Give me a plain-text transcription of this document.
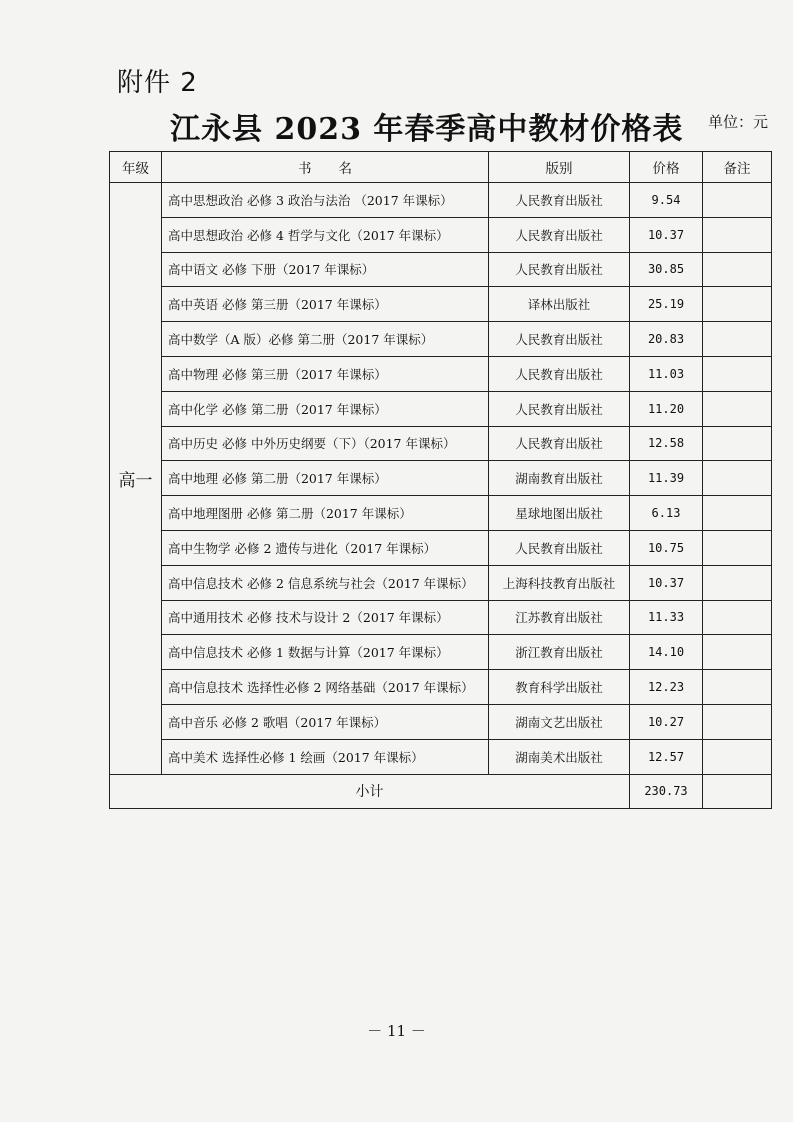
附件 2
江永县 2023 年春季高中教材价格表 单位：元
年级	书　　名	版别	价格	备注
高一	高中思想政治 必修 3 政治与法治 （2017 年课标）	人民教育出版社	9.54	
	高中思想政治 必修 4 哲学与文化（2017 年课标）	人民教育出版社	10.37	
	高中语文 必修 下册（2017 年课标）	人民教育出版社	30.85	
	高中英语 必修 第三册（2017 年课标）	译林出版社	25.19	
	高中数学（A 版）必修 第二册（2017 年课标）	人民教育出版社	20.83	
	高中物理 必修 第三册（2017 年课标）	人民教育出版社	11.03	
	高中化学 必修 第二册（2017 年课标）	人民教育出版社	11.20	
	高中历史 必修 中外历史纲要（下）（2017 年课标）	人民教育出版社	12.58	
	高中地理 必修 第二册（2017 年课标）	湖南教育出版社	11.39	
	高中地理图册 必修 第二册（2017 年课标）	星球地图出版社	6.13	
	高中生物学 必修 2 遗传与进化（2017 年课标）	人民教育出版社	10.75	
	高中信息技术 必修 2 信息系统与社会（2017 年课标）	上海科技教育出版社	10.37	
	高中通用技术 必修 技术与设计 2（2017 年课标）	江苏教育出版社	11.33	
	高中信息技术 必修 1 数据与计算（2017 年课标）	浙江教育出版社	14.10	
	高中信息技术 选择性必修 2 网络基础（2017 年课标）	教育科学出版社	12.23	
	高中音乐 必修 2 歌唱（2017 年课标）	湖南文艺出版社	10.27	
	高中美术 选择性必修 1 绘画（2017 年课标）	湖南美术出版社	12.57	
小计			230.73	
－ 11 －
